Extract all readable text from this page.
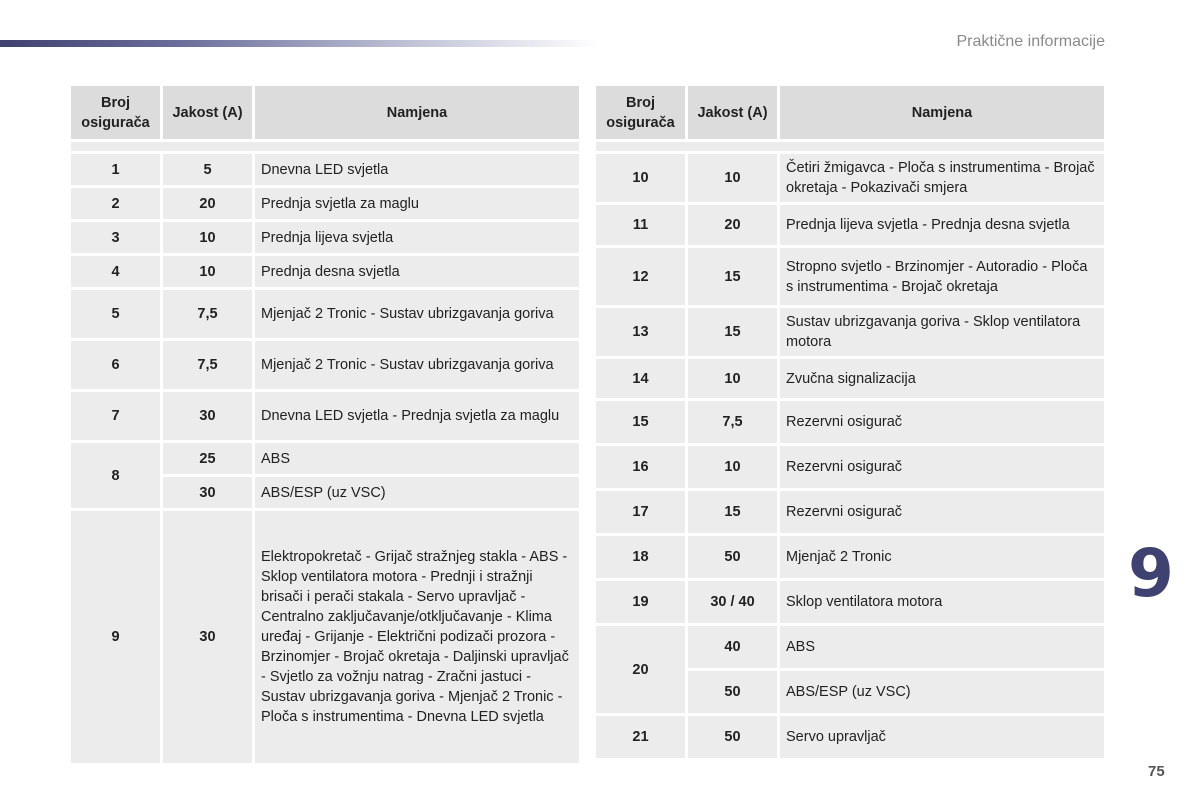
Praktične informacije
Broj osigurača	Jakost (A)	Namjena

1	5	Dnevna LED svjetla
2	20	Prednja svjetla za maglu
3	10	Prednja lijeva svjetla
4	10	Prednja desna svjetla
5	7,5	Mjenjač 2 Tronic - Sustav ubrizgavanja goriva
6	7,5	Mjenjač 2 Tronic - Sustav ubrizgavanja goriva
7	30	Dnevna LED svjetla - Prednja svjetla za maglu
8	25	ABS
	30	ABS/ESP (uz VSC)
9	30	Elektropokretač - Grijač stražnjeg stakla - ABS - Sklop ventilatora motora - Prednji i stražnji brisači i perači stakala - Servo upravljač - Centralno zaključavanje/otključavanje - Klima uređaj - Grijanje - Električni podizači prozora - Brzinomjer - Brojač okretaja - Daljinski upravljač - Svjetlo za vožnju natrag - Zračni jastuci - Sustav ubrizgavanja goriva - Mjenjač 2 Tronic - Ploča s instrumentima - Dnevna LED svjetla
Broj osigurača	Jakost (A)	Namjena

10	10	Četiri žmigavca - Ploča s instrumentima - Brojač okretaja - Pokazivači smjera
11	20	Prednja lijeva svjetla - Prednja desna svjetla
12	15	Stropno svjetlo - Brzinomjer - Autoradio - Ploča s instrumentima - Brojač okretaja
13	15	Sustav ubrizgavanja goriva - Sklop ventilatora motora
14	10	Zvučna signalizacija
15	7,5	Rezervni osigurač
16	10	Rezervni osigurač
17	15	Rezervni osigurač
18	50	Mjenjač 2 Tronic
19	30 / 40	Sklop ventilatora motora
20	40	ABS
	50	ABS/ESP (uz VSC)
21	50	Servo upravljač
9
75
